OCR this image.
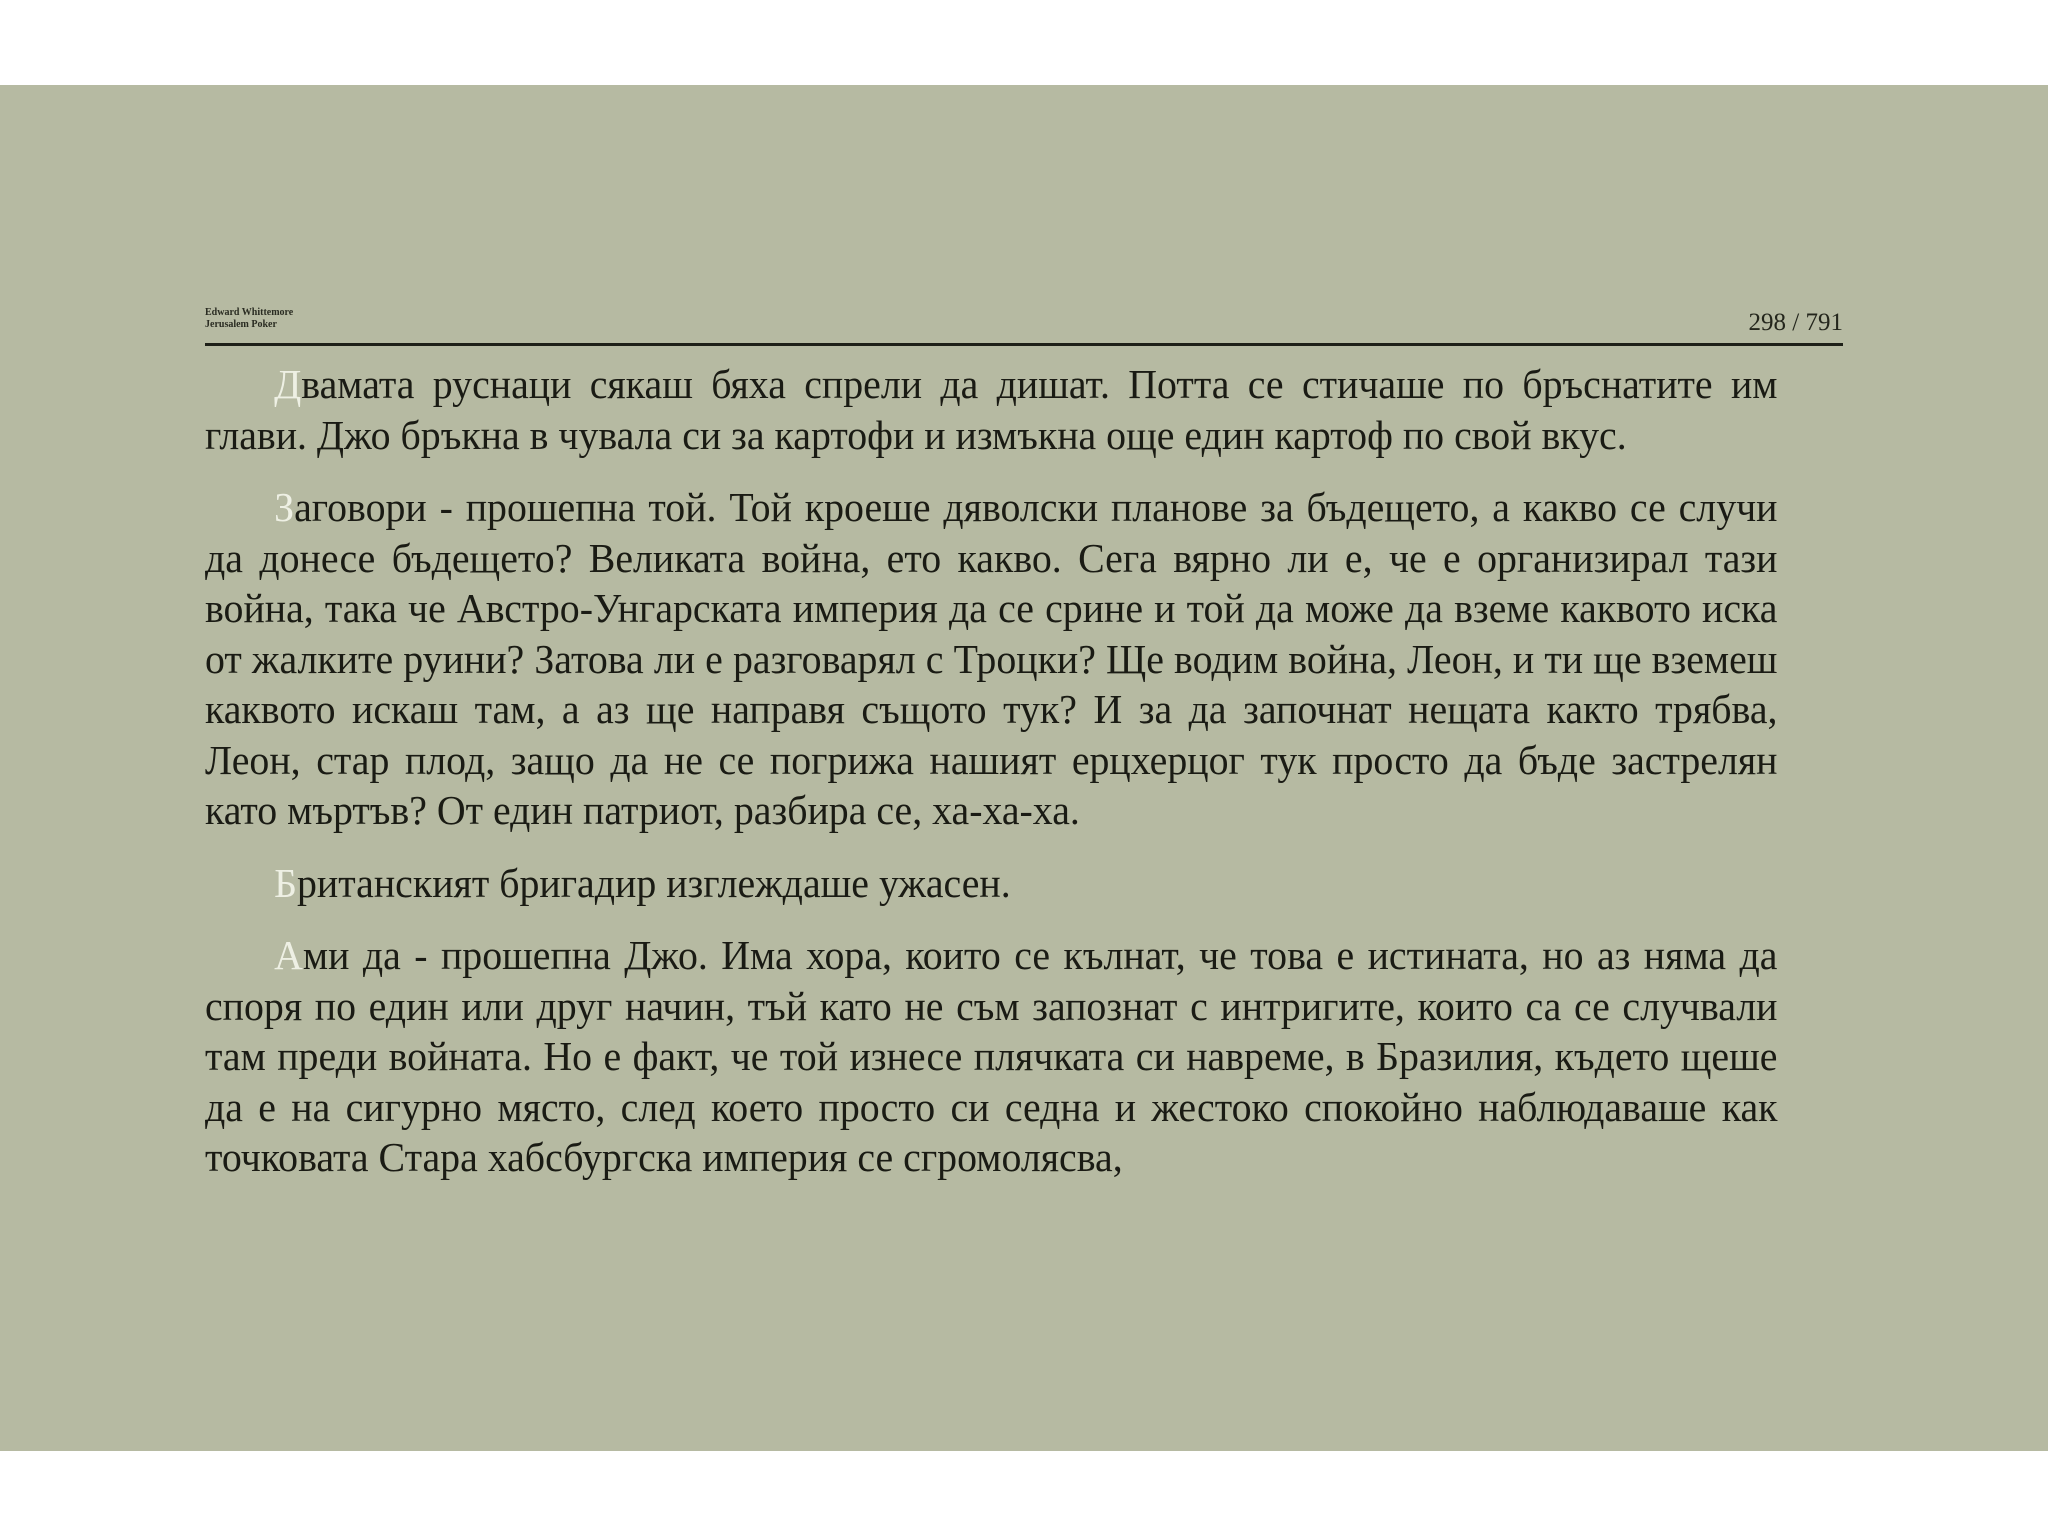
Edward Whittemore
Jerusalem Poker	298 / 791

Двамата руснаци сякаш бяха спрели да дишат. Потта се стичаше по бръснатите им глави. Джо бръкна в чувала си за картофи и измъкна още един картоф по свой вкус.

Заговори - прошепна той. Той кроеше дяволски планове за бъдещето, а какво се случи да донесе бъдещето? Великата война, ето какво. Сега вярно ли е, че е организирал тази война, така че Австро-Унгарската империя да се срине и той да може да вземе каквото иска от жалките руини? Затова ли е разговарял с Троцки? Ще водим война, Леон, и ти ще вземеш каквото искаш там, а аз ще направя същото тук? И за да започнат нещата както трябва, Леон, стар плод, защо да не се погрижа нашият ерцхерцог тук просто да бъде застрелян като мъртъв? От един патриот, разбира се, ха-ха-ха.

Британският бригадир изглеждаше ужасен.

Ами да - прошепна Джо. Има хора, които се кълнат, че това е истината, но аз няма да споря по един или друг начин, тъй като не съм запознат с интригите, които са се случвали там преди войната. Но е факт, че той изнесе плячката си навреме, в Бразилия, където щеше да е на сигурно място, след което просто си седна и жестоко спокойно наблюдаваше как точковата Стара хабсбургска империя се сгромолясва,
